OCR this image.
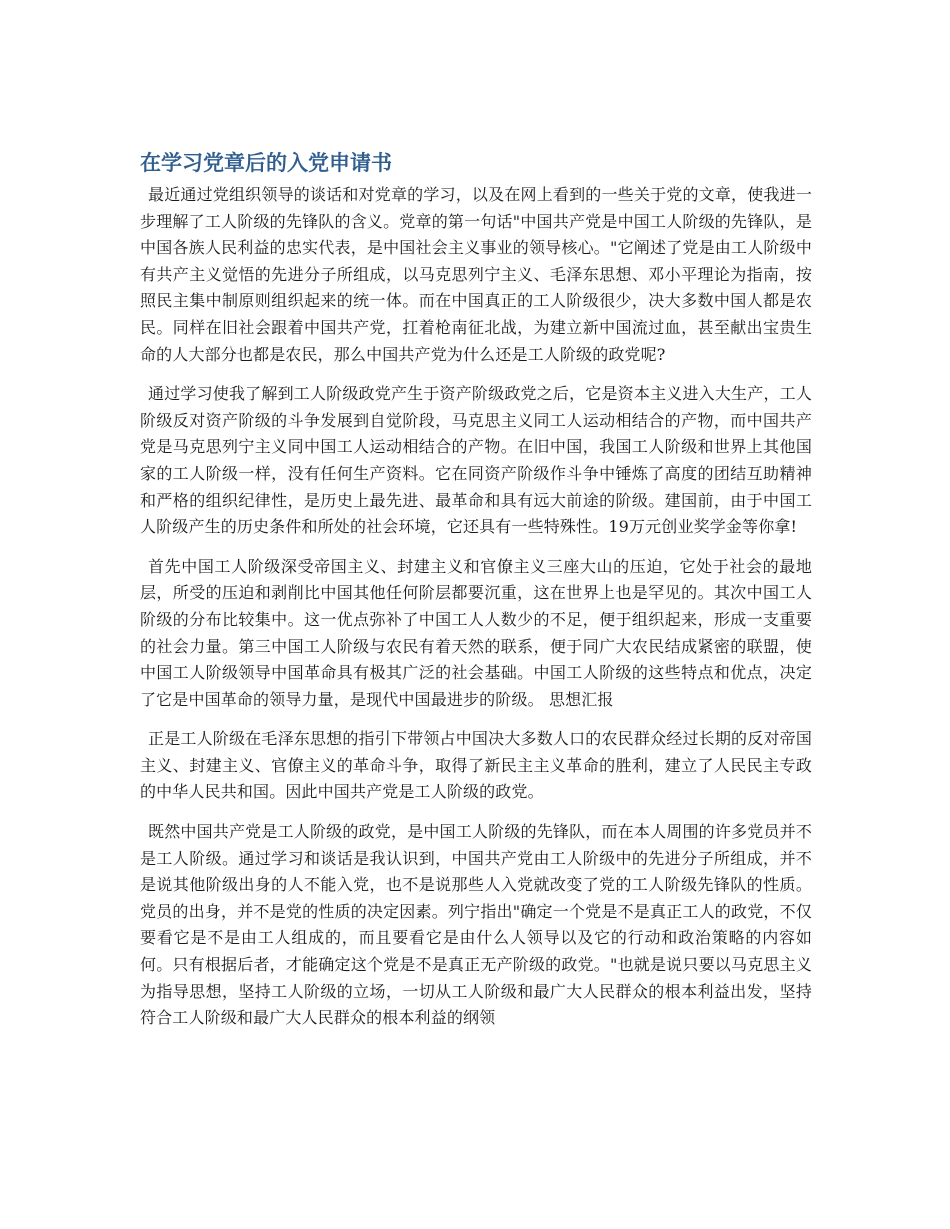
在学习党章后的入党申请书

最近通过党组织领导的谈话和对党章的学习，以及在网上看到的一些关于党的文章，使我进一步理解了工人阶级的先锋队的含义。党章的第一句话"中国共产党是中国工人阶级的先锋队，是中国各族人民利益的忠实代表，是中国社会主义事业的领导核心。"它阐述了党是由工人阶级中有共产主义觉悟的先进分子所组成，以马克思列宁主义、毛泽东思想、邓小平理论为指南，按照民主集中制原则组织起来的统一体。而在中国真正的工人阶级很少，决大多数中国人都是农民。同样在旧社会跟着中国共产党，扛着枪南征北战，为建立新中国流过血，甚至献出宝贵生命的人大部分也都是农民，那么中国共产党为什么还是工人阶级的政党呢?

通过学习使我了解到工人阶级政党产生于资产阶级政党之后，它是资本主义进入大生产，工人阶级反对资产阶级的斗争发展到自觉阶段，马克思主义同工人运动相结合的产物，而中国共产党是马克思列宁主义同中国工人运动相结合的产物。在旧中国，我国工人阶级和世界上其他国家的工人阶级一样，没有任何生产资料。它在同资产阶级作斗争中锤炼了高度的团结互助精神和严格的组织纪律性，是历史上最先进、最革命和具有远大前途的阶级。建国前，由于中国工人阶级产生的历史条件和所处的社会环境，它还具有一些特殊性。19万元创业奖学金等你拿!

首先中国工人阶级深受帝国主义、封建主义和官僚主义三座大山的压迫，它处于社会的最地层，所受的压迫和剥削比中国其他任何阶层都要沉重，这在世界上也是罕见的。其次中国工人阶级的分布比较集中。这一优点弥补了中国工人人数少的不足，便于组织起来，形成一支重要的社会力量。第三中国工人阶级与农民有着天然的联系，便于同广大农民结成紧密的联盟，使中国工人阶级领导中国革命具有极其广泛的社会基础。中国工人阶级的这些特点和优点，决定了它是中国革命的领导力量，是现代中国最进步的阶级。 思想汇报

正是工人阶级在毛泽东思想的指引下带领占中国决大多数人口的农民群众经过长期的反对帝国主义、封建主义、官僚主义的革命斗争，取得了新民主主义革命的胜利，建立了人民民主专政的中华人民共和国。因此中国共产党是工人阶级的政党。

既然中国共产党是工人阶级的政党，是中国工人阶级的先锋队，而在本人周围的许多党员并不是工人阶级。通过学习和谈话是我认识到，中国共产党由工人阶级中的先进分子所组成，并不是说其他阶级出身的人不能入党，也不是说那些人入党就改变了党的工人阶级先锋队的性质。党员的出身，并不是党的性质的决定因素。列宁指出"确定一个党是不是真正工人的政党，不仅要看它是不是由工人组成的，而且要看它是由什么人领导以及它的行动和政治策略的内容如何。只有根据后者，才能确定这个党是不是真正无产阶级的政党。"也就是说只要以马克思主义为指导思想，坚持工人阶级的立场，一切从工人阶级和最广大人民群众的根本利益出发，坚持符合工人阶级和最广大人民群众的根本利益的纲领
